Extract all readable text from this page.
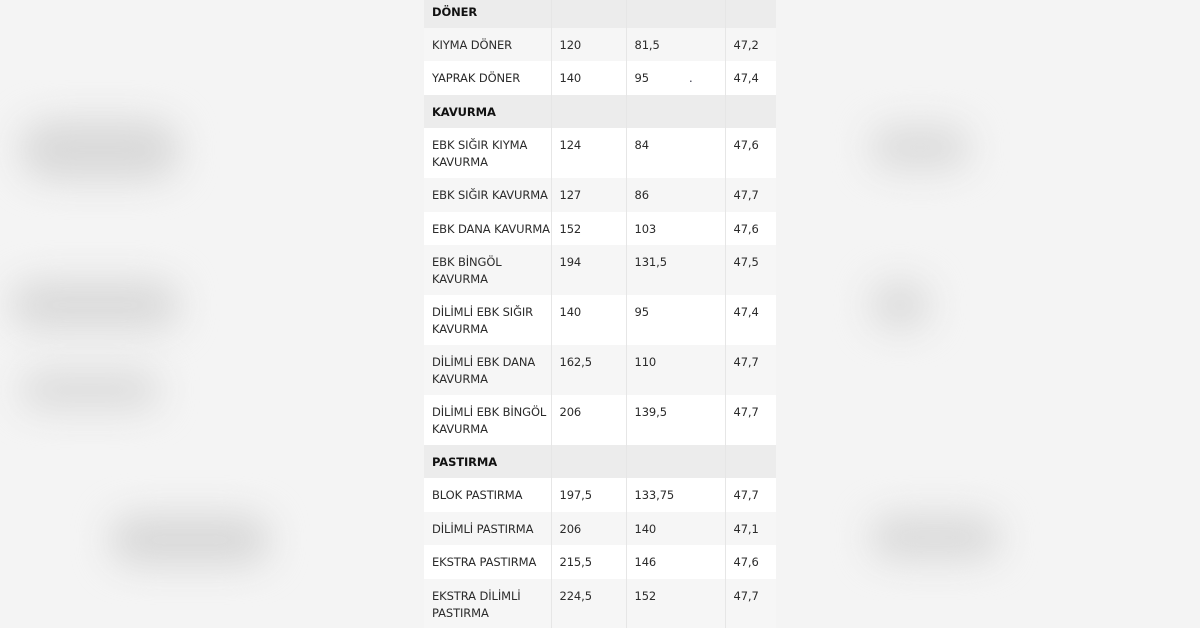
DÖNER			
KIYMA DÖNER	120	81,5	47,2
YAPRAK DÖNER	140	95 .	47,4
KAVURMA			
EBK SIĞIR KIYMA KAVURMA	124	84	47,6
EBK SIĞIR KAVURMA	127	86	47,7
EBK DANA KAVURMA	152	103	47,6
EBK BİNGÖL KAVURMA	194	131,5	47,5
DİLİMLİ EBK SIĞIR KAVURMA	140	95	47,4
DİLİMLİ EBK DANA KAVURMA	162,5	110	47,7
DİLİMLİ EBK BİNGÖL KAVURMA	206	139,5	47,7
PASTIRMA			
BLOK PASTIRMA	197,5	133,75	47,7
DİLİMLİ PASTIRMA	206	140	47,1
EKSTRA PASTIRMA	215,5	146	47,6
EKSTRA DİLİMLİ PASTIRMA	224,5	152	47,7
